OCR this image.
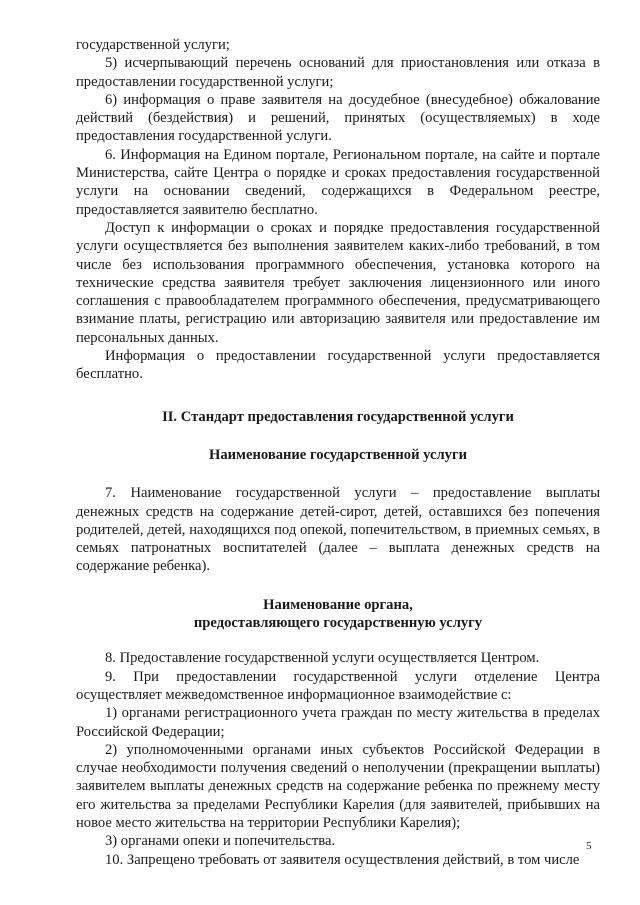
государственной услуги;

5) исчерпывающий перечень оснований для приостановления или отказа в предоставлении государственной услуги;

6) информация о праве заявителя на досудебное (внесудебное) обжалование действий (бездействия) и решений, принятых (осуществляемых) в ходе предоставления государственной услуги.

6. Информация на Едином портале, Региональном портале, на сайте и портале Министерства, сайте Центра о порядке и сроках предоставления государственной услуги на основании сведений, содержащихся в Федеральном реестре, предоставляется заявителю бесплатно.

Доступ к информации о сроках и порядке предоставления государственной услуги осуществляется без выполнения заявителем каких-либо требований, в том числе без использования программного обеспечения, установка которого на технические средства заявителя требует заключения лицензионного или иного соглашения с правообладателем программного обеспечения, предусматривающего взимание платы, регистрацию или авторизацию заявителя или предоставление им персональных данных.

Информация о предоставлении государственной услуги предоставляется бесплатно.

II. Стандарт предоставления государственной услуги

Наименование государственной услуги

7. Наименование государственной услуги – предоставление выплаты денежных средств на содержание детей-сирот, детей, оставшихся без попечения родителей, детей, находящихся под опекой, попечительством, в приемных семьях, в семьях патронатных воспитателей (далее – выплата денежных средств на содержание ребенка).

Наименование органа,

предоставляющего государственную услугу

8. Предоставление государственной услуги осуществляется Центром.

9. При предоставлении государственной услуги отделение Центра осуществляет межведомственное информационное взаимодействие с:

1) органами регистрационного учета граждан по месту жительства в пределах Российской Федерации;

2) уполномоченными органами иных субъектов Российской Федерации в случае необходимости получения сведений о неполучении (прекращении выплаты) заявителем выплаты денежных средств на содержание ребенка по прежнему месту его жительства за пределами Республики Карелия (для заявителей, прибывших на новое место жительства на территории Республики Карелия);

3) органами опеки и попечительства.

10. Запрещено требовать от заявителя осуществления действий, в том числе

5
